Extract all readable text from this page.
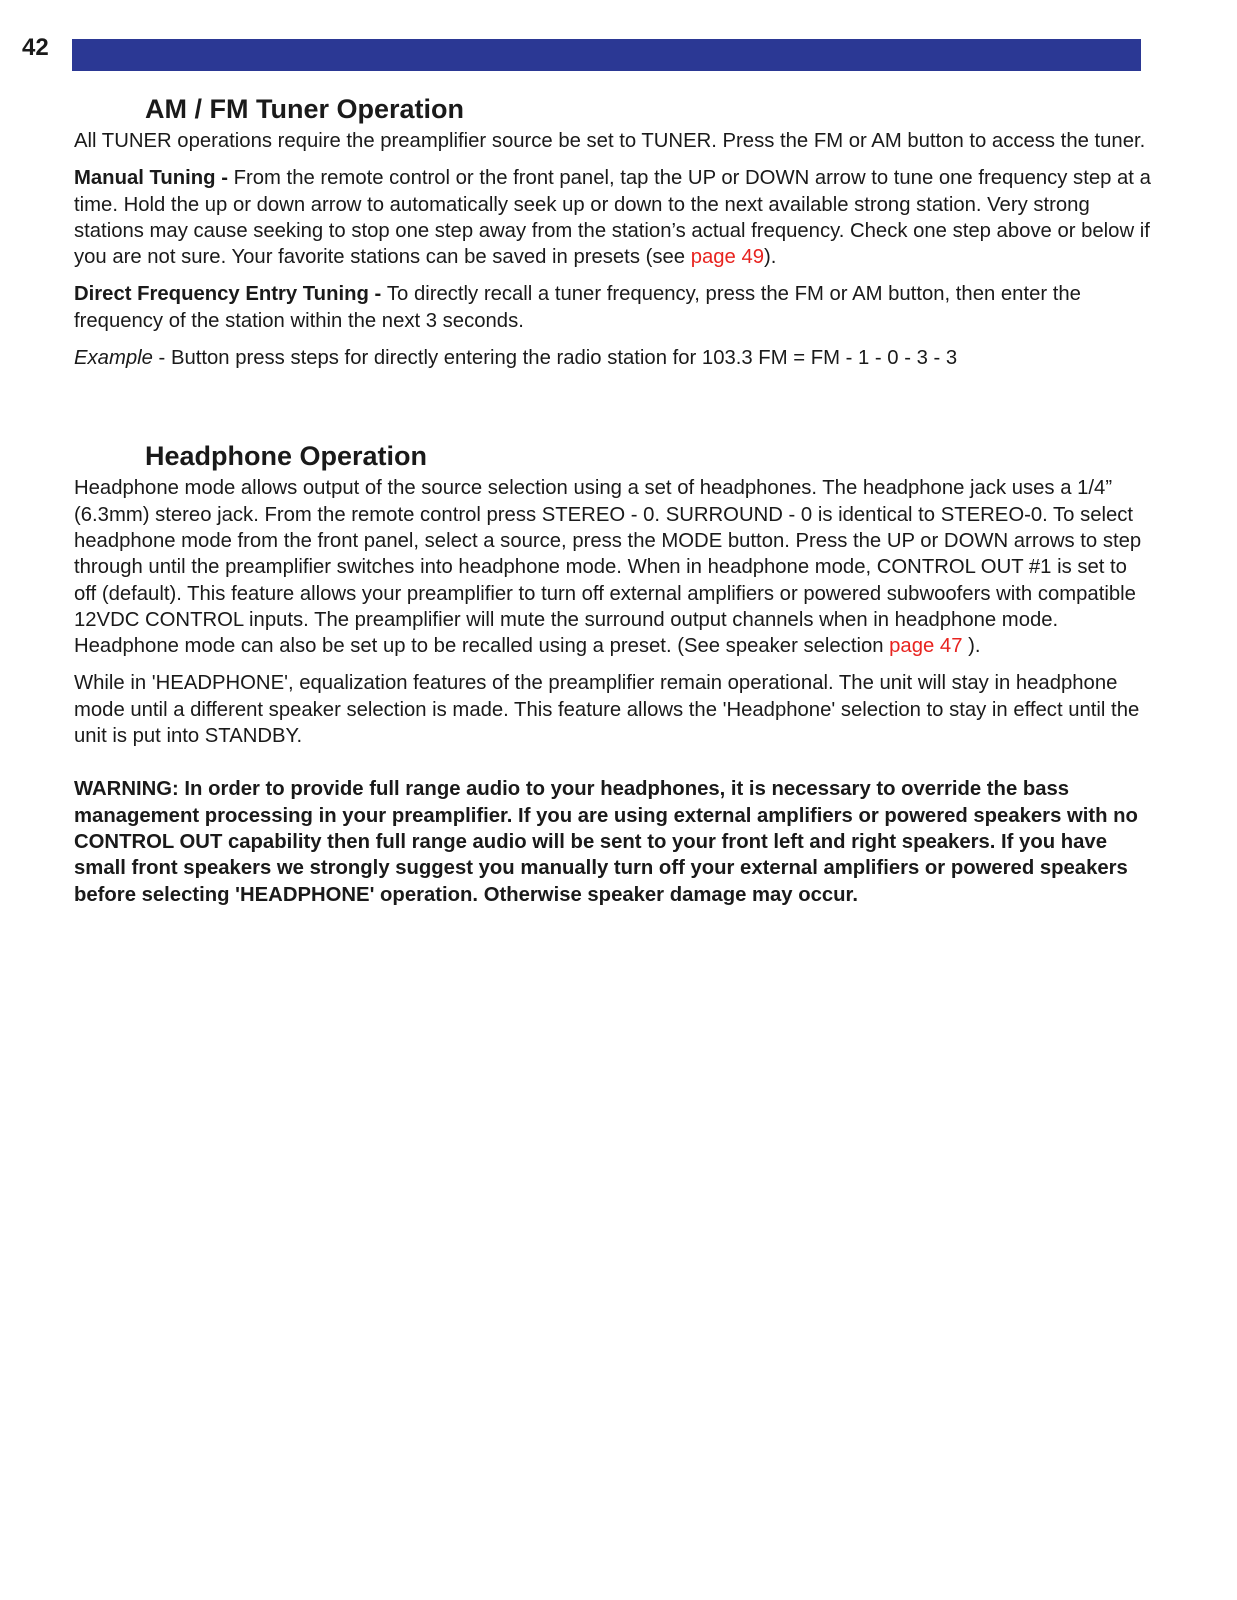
42
AM / FM Tuner Operation

All TUNER operations require the preamplifier source be set to TUNER. Press the FM or AM button to access the tuner.

Manual Tuning - From the remote control or the front panel, tap the UP or DOWN arrow to tune one frequency step at a time. Hold the up or down arrow to automatically seek up or down to the next available strong station. Very strong stations may cause seeking to stop one step away from the station’s actual frequency. Check one step above or below if you are not sure. Your favorite stations can be saved in presets (see page 49).

Direct Frequency Entry Tuning - To directly recall a tuner frequency, press the FM or AM button, then enter the frequency of the station within the next 3 seconds.

Example - Button press steps for directly entering the radio station for 103.3 FM = FM - 1 - 0 - 3 - 3

Headphone Operation

Headphone mode allows output of the source selection using a set of headphones. The headphone jack uses a 1/4” (6.3mm) stereo jack. From the remote control press STEREO - 0. SURROUND - 0 is identical to STEREO-0. To select headphone mode from the front panel, select a source, press the MODE button. Press the UP or DOWN arrows to step through until the preamplifier switches into headphone mode. When in headphone mode, CONTROL OUT #1 is set to off (default). This feature allows your preamplifier to turn off external amplifiers or powered subwoofers with compatible 12VDC CONTROL inputs. The preamplifier will mute the surround output channels when in headphone mode. Headphone mode can also be set up to be recalled using a preset. (See speaker selection page 47 ).

While in 'HEADPHONE', equalization features of the preamplifier remain operational. The unit will stay in headphone mode until a different speaker selection is made. This feature allows the 'Headphone' selection to stay in effect until the unit is put into STANDBY.

WARNING: In order to provide full range audio to your headphones, it is necessary to override the bass management processing in your preamplifier. If you are using external amplifiers or powered speakers with no CONTROL OUT capability then full range audio will be sent to your front left and right speakers. If you have small front speakers we strongly suggest you manually turn off your external amplifiers or powered speakers before selecting 'HEADPHONE' operation. Otherwise speaker damage may occur.
